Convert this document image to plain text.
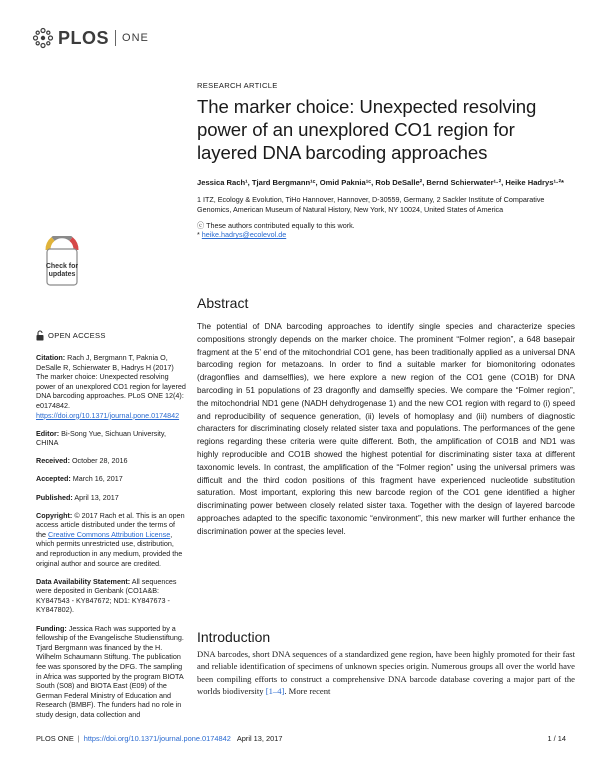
PLOS ONE
Check for
updates
OPEN ACCESS

Citation: Rach J, Bergmann T, Paknia O, DeSalle R, Schierwater B, Hadrys H (2017) The marker choice: Unexpected resolving power of an unexplored CO1 region for layered DNA barcoding approaches. PLoS ONE 12(4): e0174842. https://doi.org/10.1371/journal.pone.0174842

Editor: Bi-Song Yue, Sichuan University, CHINA

Received: October 28, 2016

Accepted: March 16, 2017

Published: April 13, 2017

Copyright: © 2017 Rach et al. This is an open access article distributed under the terms of the Creative Commons Attribution License, which permits unrestricted use, distribution, and reproduction in any medium, provided the original author and source are credited.

Data Availability Statement: All sequences were deposited in Genbank (CO1A&B: KY847543 - KY847672; ND1: KY847673 - KY847802).

Funding: Jessica Rach was supported by a fellowship of the Evangelische Studienstiftung. Tjard Bergmann was financed by the H. Wilhelm Schaumann Stiftung. The publication fee was sponsored by the DFG. The sampling in Africa was supported by the program BIOTA South (S08) and BIOTA East (E09) of the German Federal Ministry of Education and Research (BMBF). The funders had no role in study design, data collection and

RESEARCH ARTICLE
The marker choice: Unexpected resolving power of an unexplored CO1 region for layered DNA barcoding approaches
Jessica Rach¹, Tjard Bergmann¹ᶜ, Omid Paknia¹ᶜ, Rob DeSalle², Bernd Schierwater¹·², Heike Hadrys¹·²*
1 ITZ, Ecology & Evolution, TiHo Hannover, Hannover, D-30559, Germany, 2 Sackler Institute of Comparative Genomics, American Museum of Natural History, New York, NY 10024, United States of America
ⓒ These authors contributed equally to this work.
* heike.hadrys@ecolevol.de
Abstract
The potential of DNA barcoding approaches to identify single species and characterize species compositions strongly depends on the marker choice. The prominent “Folmer region”, a 648 basepair fragment at the 5’ end of the mitochondrial CO1 gene, has been traditionally applied as a universal DNA barcoding region for metazoans. In order to find a suitable marker for biomonitoring odonates (dragonflies and damselflies), we here explore a new region of the CO1 gene (CO1B) for DNA barcoding in 51 populations of 23 dragonfly and damselfly species. We compare the “Folmer region”, the mitochondrial ND1 gene (NADH dehydrogenase 1) and the new CO1 region with regard to (i) speed and reproducibility of sequence generation, (ii) levels of homoplasy and (iii) numbers of diagnostic characters for discriminating closely related sister taxa and populations. The performances of the gene regions regarding these criteria were quite different. Both, the amplification of CO1B and ND1 was highly reproducible and CO1B showed the highest potential for discriminating sister taxa at different taxonomic levels. In contrast, the amplification of the “Folmer region” using the universal primers was difficult and the third codon positions of this fragment have experienced nucleotide substitution saturation. Most important, exploring this new barcode region of the CO1 gene identified a higher discriminating power between closely related sister taxa. Together with the design of layered barcode approaches adapted to the specific taxonomic “environment”, this new marker will further enhance the discrimination power at the species level.
Introduction
DNA barcodes, short DNA sequences of a standardized gene region, have been highly promoted for their fast and reliable identification of specimens of unknown species origin. Numerous groups all over the world have been compiling efforts to construct a comprehensive DNA barcode database covering a major part of the worlds biodiversity [1–4]. More recent
PLOS ONE | https://doi.org/10.1371/journal.pone.0174842 April 13, 2017	1 / 14
